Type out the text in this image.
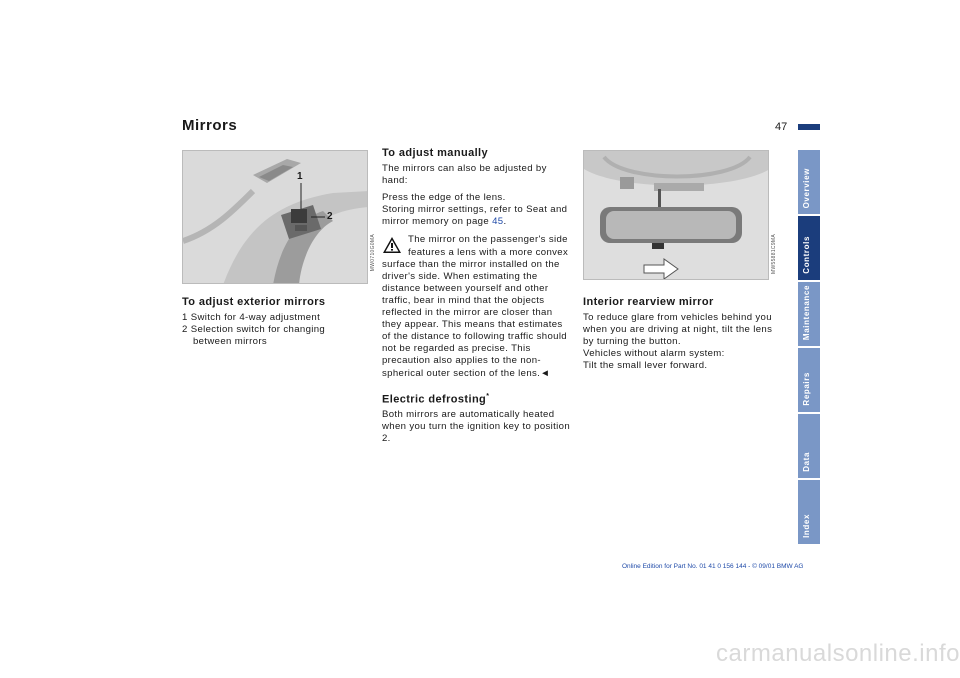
Mirrors	47
1
2
MW0710G0MA
To adjust exterior mirrors

1 Switch for 4-way adjustment

2 Selection switch for changing between mirrors

To adjust manually

The mirrors can also be adjusted by hand:

Press the edge of the lens.

Storing mirror settings, refer to Seat and mirror memory on page 45.

The mirror on the passenger's side features a lens with a more convex surface than the mirror installed on the driver's side. When estimating the distance between yourself and other traffic, bear in mind that the objects reflected in the mirror are closer than they appear. This means that estimates of the distance to following traffic should not be regarded as precise. This precaution also applies to the non-spherical outer section of the lens.◄
Electric defrosting*
Both mirrors are automatically heated when you turn the ignition key to position 2.
MW55881C9MA
Interior rearview mirror

To reduce glare from vehicles behind you when you are driving at night, tilt the lens by turning the button.

Vehicles without alarm system:

Tilt the small lever forward.

Overview
Controls
Maintenance
Repairs
Data
Index
Online Edition for Part No. 01 41 0 156 144 - © 09/01 BMW AG
carmanualsonline.info
